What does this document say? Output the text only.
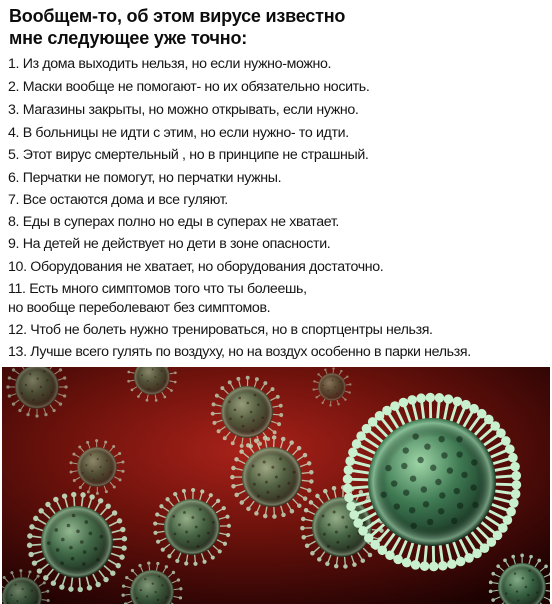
Вообщем-то, об этом вирусе известно
мне следующее уже точно:
1. Из дома выходить нельзя, но если нужно-можно.
2. Маски вообще не помогают- но их обязательно носить.
3. Магазины закрыты, но можно открывать, если нужно.
4. В больницы не идти с этим, но если нужно- то идти.
5. Этот вирус смертельный , но в принципе не страшный.
6. Перчатки не помогут, но перчатки нужны.
7. Все остаются дома и все гуляют.
8. Еды в суперах полно но еды в суперах не хватает.
9. На детей не действует но дети в зоне опасности.
10. Оборудования не хватает, но оборудования достаточно.
11. Есть много симптомов того что ты болеешь,
но вообще переболевают без симптомов.
12. Чтоб не болеть нужно тренироваться, но в спортцентры нельзя.
13. Лучше всего гулять по воздуху, но на воздух особенно в парки нельзя.
